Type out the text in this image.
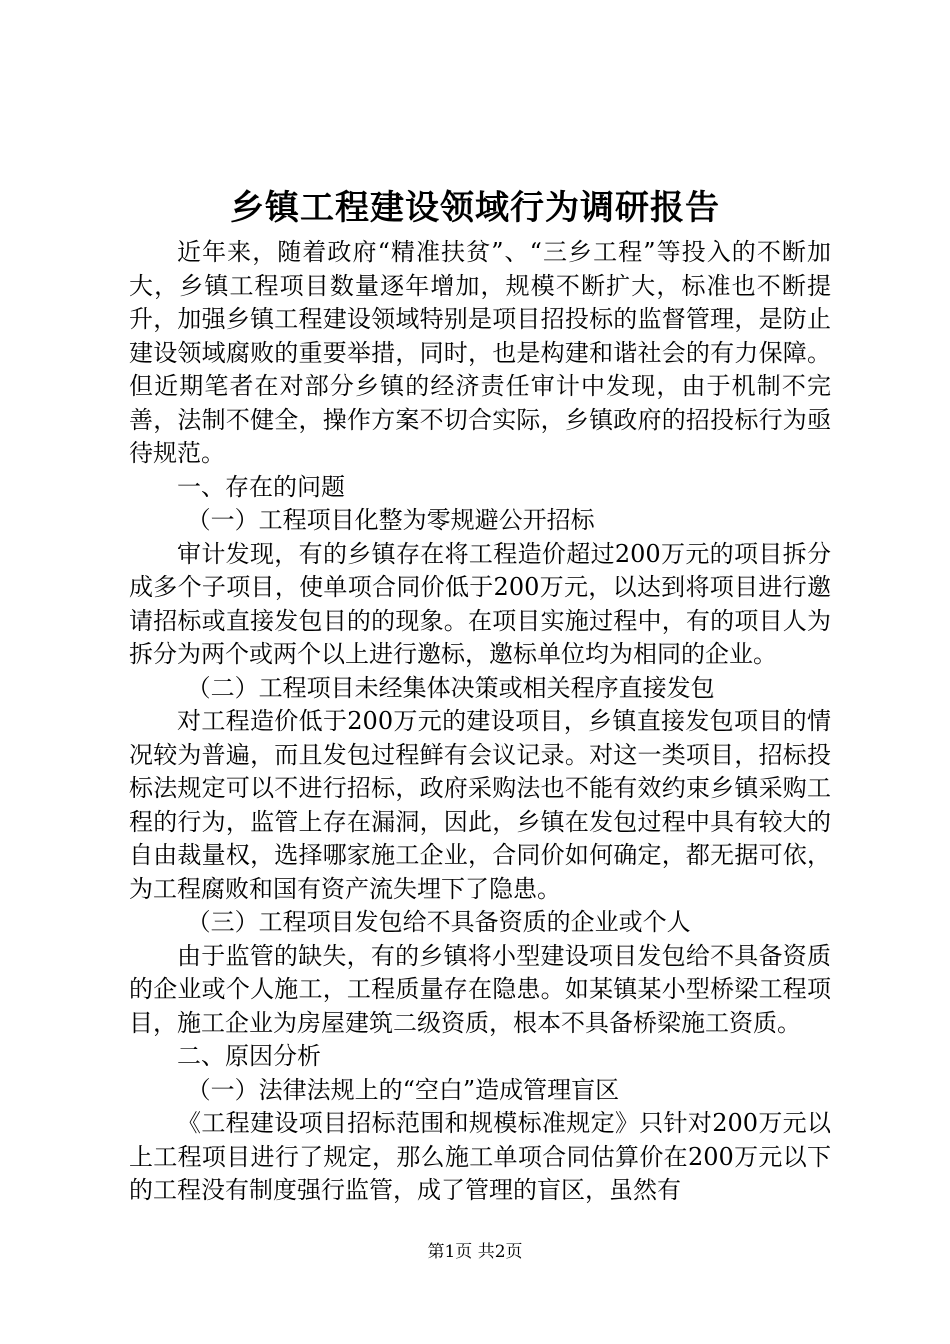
乡镇工程建设领域行为调研报告

近年来，随着政府“精准扶贫”、“三乡工程”等投入的不断加大，乡镇工程项目数量逐年增加，规模不断扩大，标准也不断提升，加强乡镇工程建设领域特别是项目招投标的监督管理，是防止建设领域腐败的重要举措，同时，也是构建和谐社会的有力保障。但近期笔者在对部分乡镇的经济责任审计中发现，由于机制不完善，法制不健全，操作方案不切合实际，乡镇政府的招投标行为亟待规范。

一、存在的问题

（一）工程项目化整为零规避公开招标

审计发现，有的乡镇存在将工程造价超过200万元的项目拆分成多个子项目，使单项合同价低于200万元，以达到将项目进行邀请招标或直接发包目的的现象。在项目实施过程中，有的项目人为拆分为两个或两个以上进行邀标，邀标单位均为相同的企业。

（二）工程项目未经集体决策或相关程序直接发包

对工程造价低于200万元的建设项目，乡镇直接发包项目的情况较为普遍，而且发包过程鲜有会议记录。对这一类项目，招标投标法规定可以不进行招标，政府采购法也不能有效约束乡镇采购工程的行为，监管上存在漏洞，因此，乡镇在发包过程中具有较大的自由裁量权，选择哪家施工企业，合同价如何确定，都无据可依，为工程腐败和国有资产流失埋下了隐患。

（三）工程项目发包给不具备资质的企业或个人

由于监管的缺失，有的乡镇将小型建设项目发包给不具备资质的企业或个人施工，工程质量存在隐患。如某镇某小型桥梁工程项目，施工企业为房屋建筑二级资质，根本不具备桥梁施工资质。

二、原因分析

（一）法律法规上的“空白”造成管理盲区

《工程建设项目招标范围和规模标准规定》只针对200万元以上工程项目进行了规定，那么施工单项合同估算价在200万元以下的工程没有制度强行监管，成了管理的盲区，虽然有

第1页 共2页
